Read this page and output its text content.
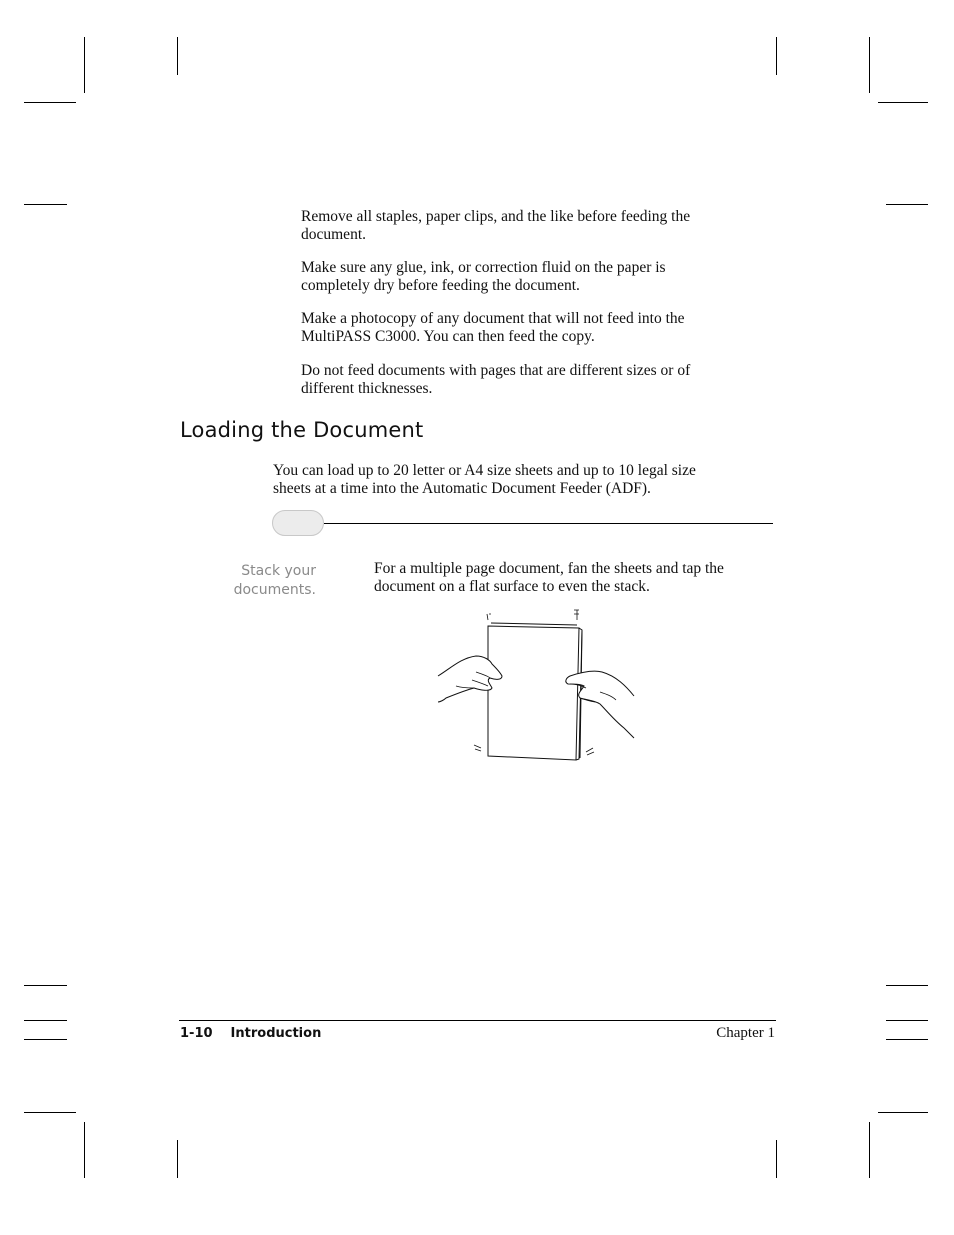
Remove all staples, paper clips, and the like before feeding the
document.
Make sure any glue, ink, or correction fluid on the paper is
completely dry before feeding the document.
Make a photocopy of any document that will not feed into the
MultiPASS C3000. You can then feed the copy.
Do not feed documents with pages that are different sizes or of
different thicknesses.
Loading the Document
You can load up to 20 letter or A4 size sheets and up to 10 legal size
sheets at a time into the Automatic Document Feeder (ADF).
Stack your
documents.
For a multiple page document, fan the sheets and tap the
document on a flat surface to even the stack.
1-10 Introduction	Chapter 1
